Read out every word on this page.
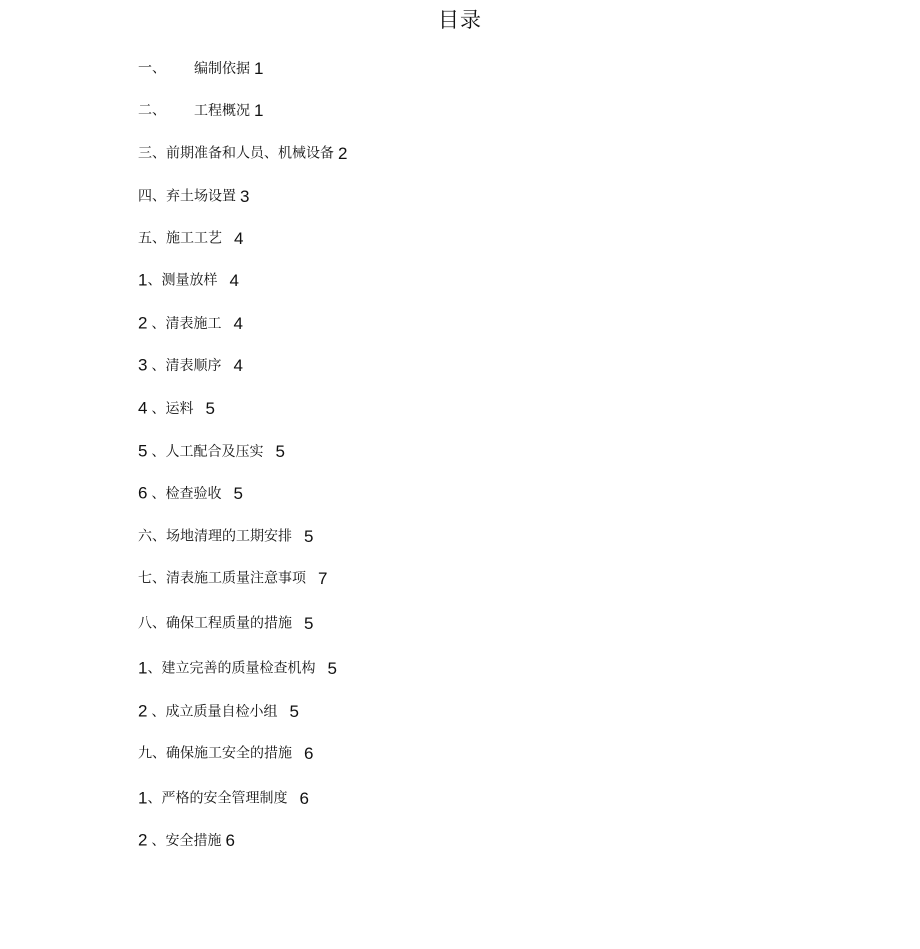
目录
一、 编制依据 1
二、 工程概况 1
三、前期准备和人员、机械设备 2
四、弃土场设置 3
五、施工工艺 4
1、测量放样 4
2 、清表施工 4
3 、清表顺序 4
4 、运料 5
5 、人工配合及压实 5
6 、检查验收 5
六、场地清理的工期安排 5
七、清表施工质量注意事项 7
八、确保工程质量的措施 5
1、建立完善的质量检查机构 5
2 、成立质量自检小组 5
九、确保施工安全的措施 6
1、严格的安全管理制度 6
2 、安全措施 6
